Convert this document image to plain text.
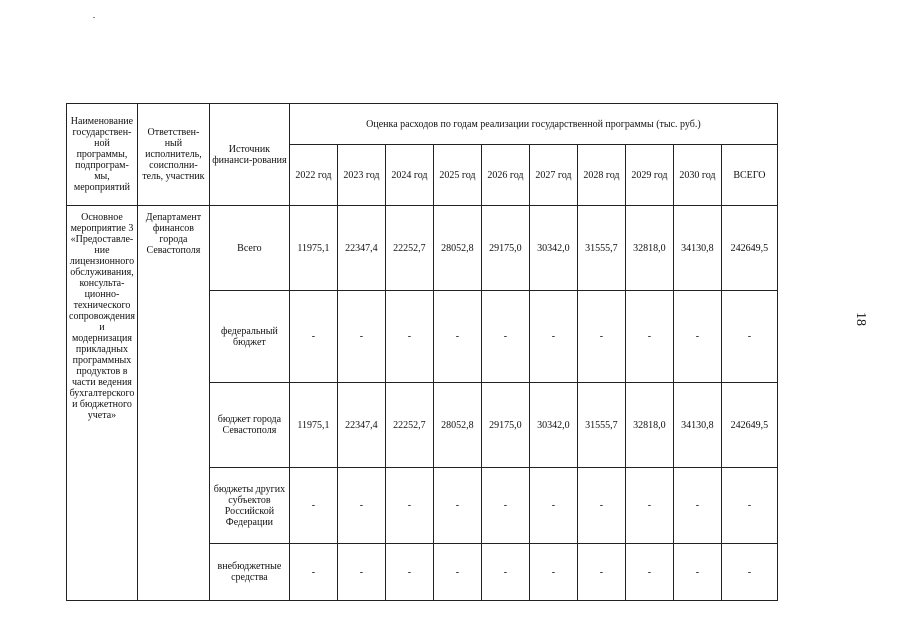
Наименование государствен-ной программы, подпрограм-мы, мероприятий	Ответствен-ный исполнитель, соисполни-тель, участник	Источник финанси-рования	Оценка расходов по годам реализации государственной программы (тыс. руб.)									
			2022 год	2023 год	2024 год	2025 год	2026 год	2027 год	2028 год	2029 год	2030 год	ВСЕГО
Основное мероприятие 3 «Предоставле-ние лицензионного обслуживания, консульта-ционно-технического сопровождения и модернизация прикладных программных продуктов в части ведения бухгалтерского и бюджетного учета»	Департамент финансов города Севастополя	Всего	11975,1	22347,4	22252,7	28052,8	29175,0	30342,0	31555,7	32818,0	34130,8	242649,5
		федеральный бюджет	-	-	-	-	-	-	-	-	-	-
		бюджет города Севастополя	11975,1	22347,4	22252,7	28052,8	29175,0	30342,0	31555,7	32818,0	34130,8	242649,5
		бюджеты других субъектов Российской Федерации	-	-	-	-	-	-	-	-	-	-
		внебюджетные средства	-	-	-	-	-	-	-	-	-	-
18
